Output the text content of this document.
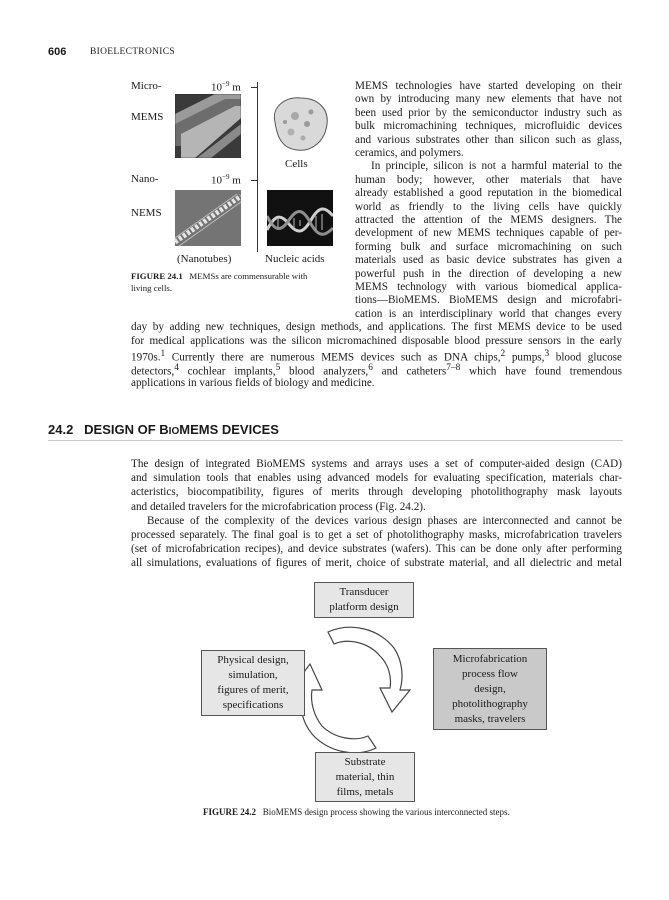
606 BIOELECTRONICS
Micro-
MEMS
Nano-
NEMS
$10^{-9}$ m
$10^{-9}$ m
Cells
(Nanotubes)	Nucleic acids
FIGURE 24.1 MEMSs are commensurable with
living cells.
MEMS technologies have started developing on their
own by introducing many new elements that have not
been used prior by the semiconductor industry such as
bulk micromachining techniques, microfluidic devices
and various substrates other than silicon such as glass,
ceramics, and polymers.
In principle, silicon is not a harmful material to the
human body; however, other materials that have
already established a good reputation in the biomedical
world as friendly to the living cells have quickly
attracted the attention of the MEMS designers. The
development of new MEMS techniques capable of per-
forming bulk and surface micromachining on such
materials used as basic device substrates has given a
powerful push in the direction of developing a new
MEMS technology with various biomedical applica-
tions—BioMEMS. BioMEMS design and microfabri-
cation is an interdisciplinary world that changes every
day by adding new techniques, design methods, and applications. The first MEMS device to be used
for medical applications was the silicon micromachined disposable blood pressure sensors in the early
1970s.$^1$ Currently there are numerous MEMS devices such as DNA chips,$^2$ pumps,$^3$ blood glucose
detectors,$^4$ cochlear implants,$^5$ blood analyzers,$^6$ and catheters$^{7-8}$ which have found tremendous
applications in various fields of biology and medicine.
24.2 DESIGN OF BIOMEMS DEVICES
The design of integrated BioMEMS systems and arrays uses a set of computer-aided design (CAD)
and simulation tools that enables using advanced models for evaluating specification, materials char-
acteristics, biocompatibility, figures of merits through developing photolithography mask layouts
and detailed travelers for the microfabrication process (Fig. 24.2).
Because of the complexity of the devices various design phases are interconnected and cannot be
processed separately. The final goal is to get a set of photolithography masks, microfabrication travelers
(set of microfabrication recipes), and device substrates (wafers). This can be done only after performing
all simulations, evaluations of figures of merit, choice of substrate material, and all dielectric and metal
Transducer
platform design
Physical design,
simulation,
figures of merit,
specifications
Microfabrication
process flow
design,
photolithography
masks, travelers
Substrate
material, thin
films, metals
FIGURE 24.2 BioMEMS design process showing the various interconnected steps.
